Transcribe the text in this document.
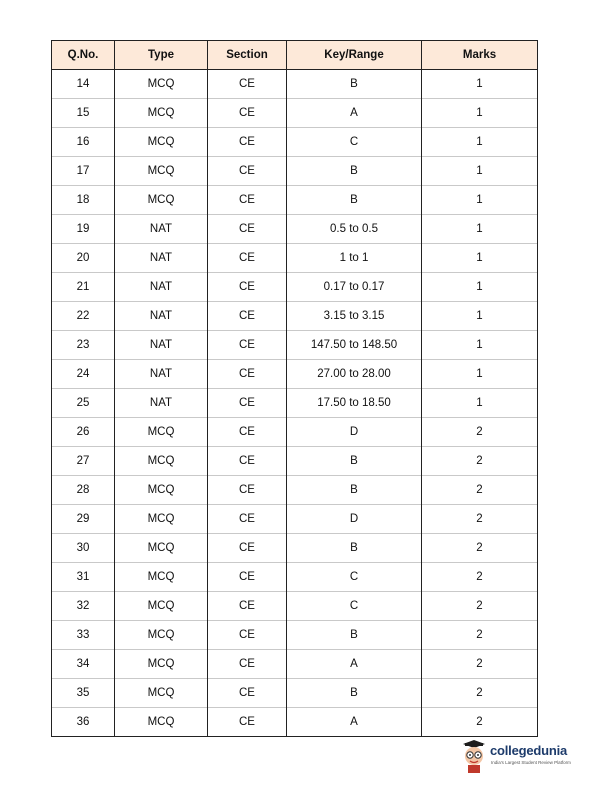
Q.No.	Type	Section	Key/Range	Marks
14	MCQ	CE	B	1
15	MCQ	CE	A	1
16	MCQ	CE	C	1
17	MCQ	CE	B	1
18	MCQ	CE	B	1
19	NAT	CE	0.5 to 0.5	1
20	NAT	CE	1 to 1	1
21	NAT	CE	0.17 to 0.17	1
22	NAT	CE	3.15 to 3.15	1
23	NAT	CE	147.50 to 148.50	1
24	NAT	CE	27.00 to 28.00	1
25	NAT	CE	17.50 to 18.50	1
26	MCQ	CE	D	2
27	MCQ	CE	B	2
28	MCQ	CE	B	2
29	MCQ	CE	D	2
30	MCQ	CE	B	2
31	MCQ	CE	C	2
32	MCQ	CE	C	2
33	MCQ	CE	B	2
34	MCQ	CE	A	2
35	MCQ	CE	B	2
36	MCQ	CE	A	2
collegedunia
India's Largest Student Review Platform
